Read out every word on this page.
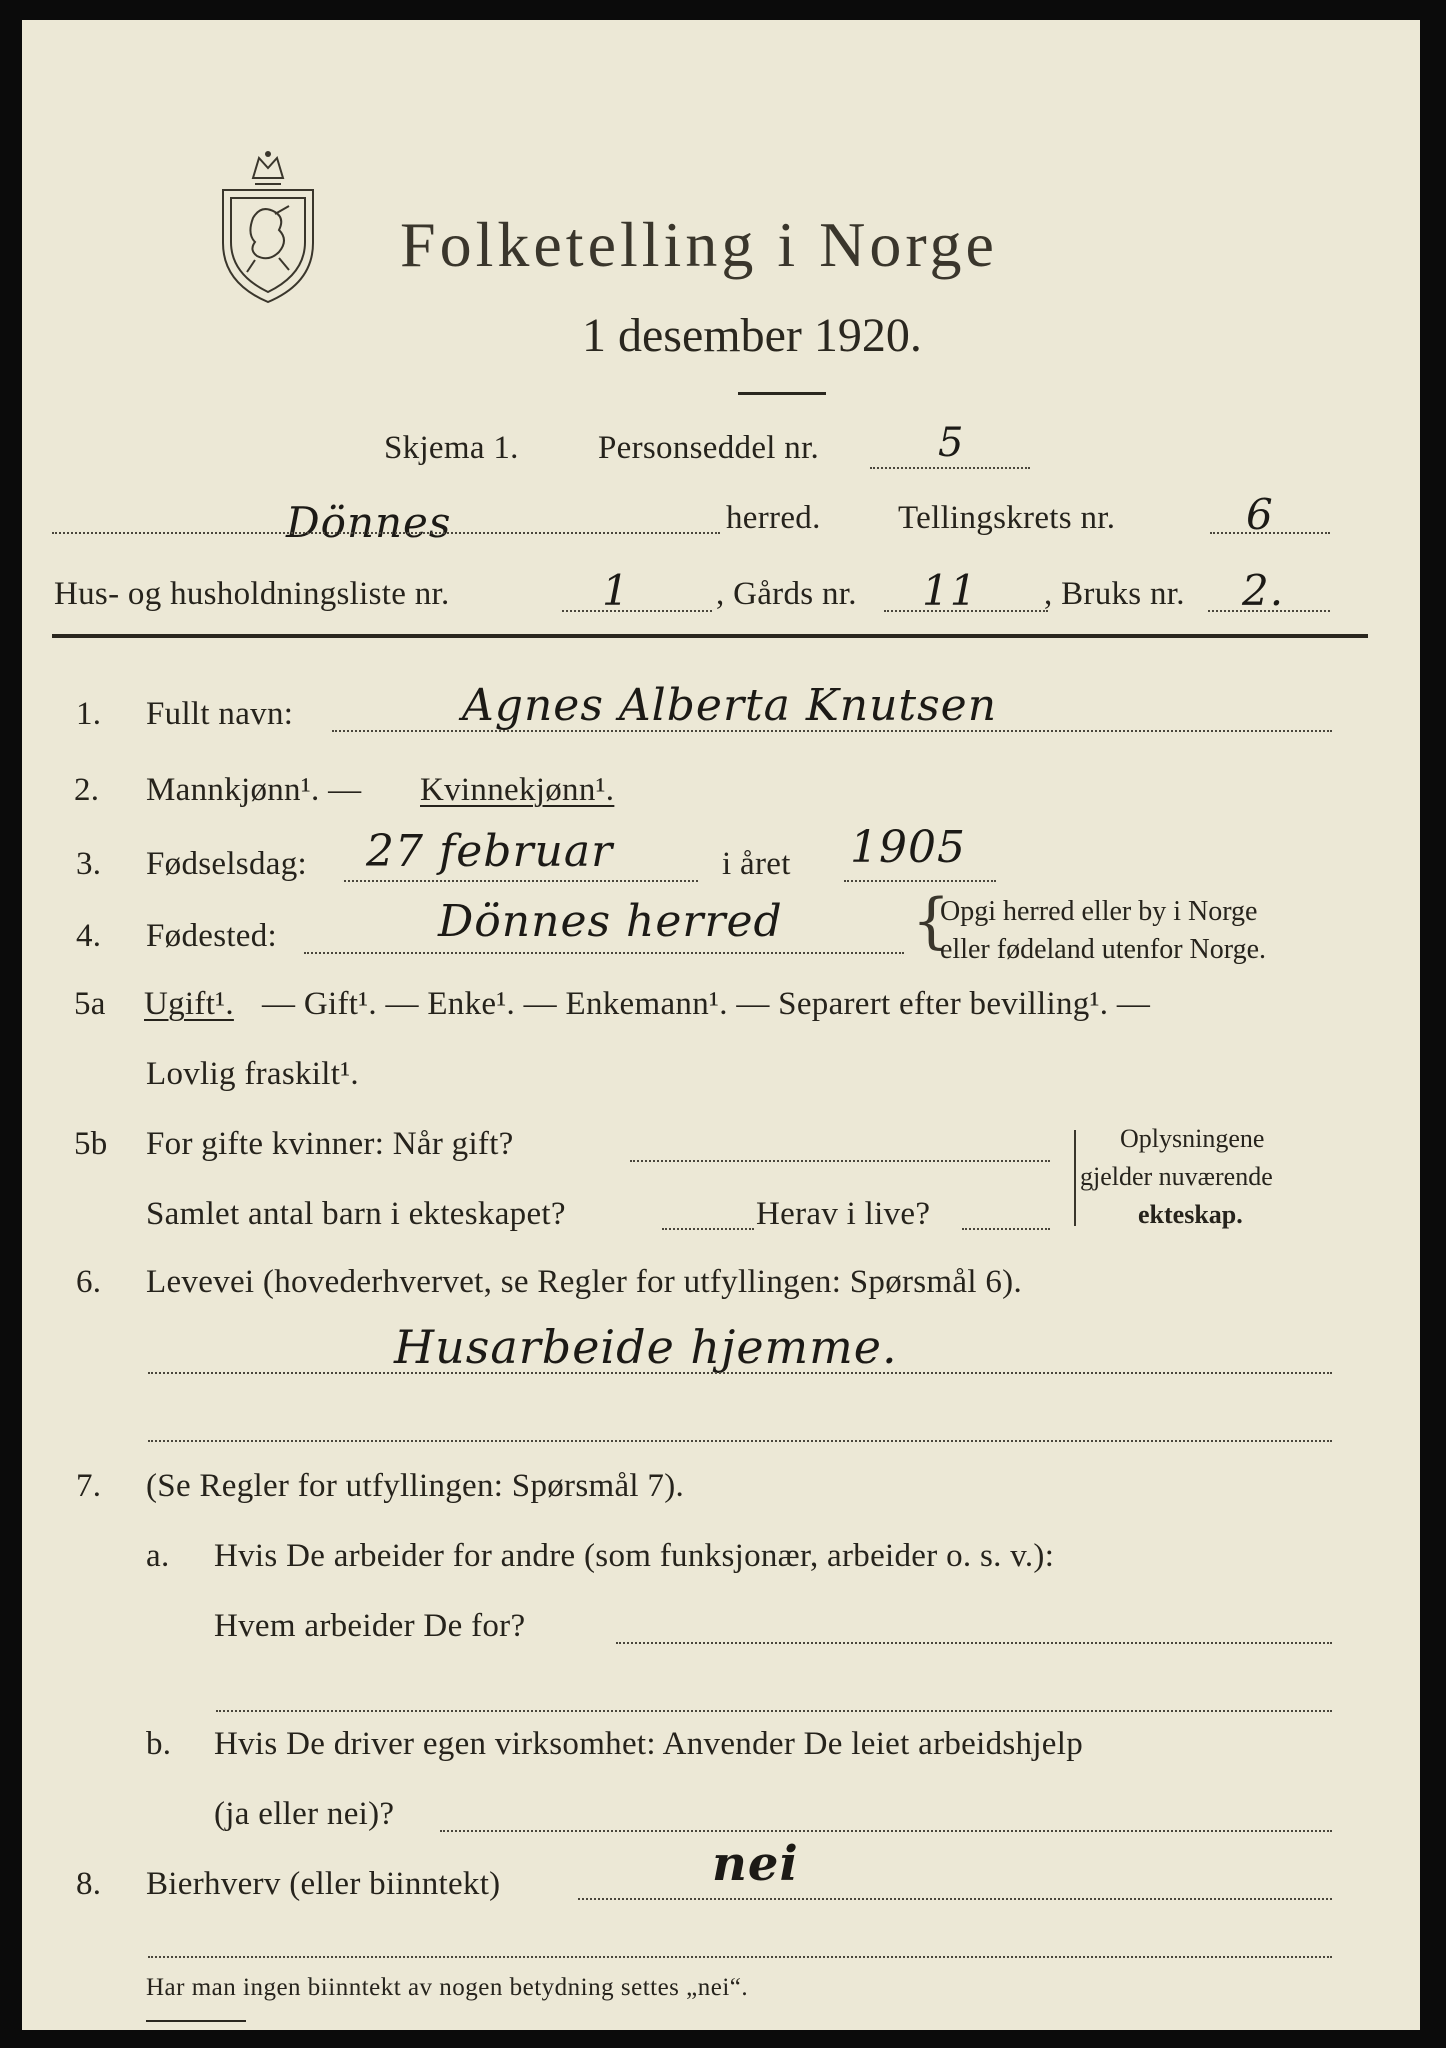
Folketelling i Norge
1 desember 1920.
Skjema 1. Personseddel nr.	5
Dönnes	herred. Tellingskrets nr.	6
Hus- og husholdningsliste nr.	1	, Gårds nr. 11 , Bruks nr. 2.
1. Fullt navn:	Agnes Alberta Knutsen
2. Mannkjønn¹. — Kvinnekjønn¹.
3. Fødselsdag: 27 februar	i året 1905
4. Fødested:	Dönnes herred {
Opgi herred eller by i Norge
eller fødeland utenfor Norge.
5a Ugift¹. — Gift¹. — Enke¹. — Enkemann¹. — Separert efter bevilling¹. —
Lovlig fraskilt¹.
5b For gifte kvinner: Når gift?
Samlet antal barn i ekteskapet?	Herav i live?
Oplysningene
gjelder nuværende
ekteskap.
6. Levevei (hovederhvervet, se Regler for utfyllingen: Spørsmål 6).
Husarbeide hjemme.
7. (Se Regler for utfyllingen: Spørsmål 7).
a. Hvis De arbeider for andre (som funksjonær, arbeider o. s. v.):
Hvem arbeider De for?
b. Hvis De driver egen virksomhet: Anvender De leiet arbeidshjelp
(ja eller nei)?
8. Bierhverv (eller biinntekt)	nei
Har man ingen biinntekt av nogen betydning settes „nei“.
